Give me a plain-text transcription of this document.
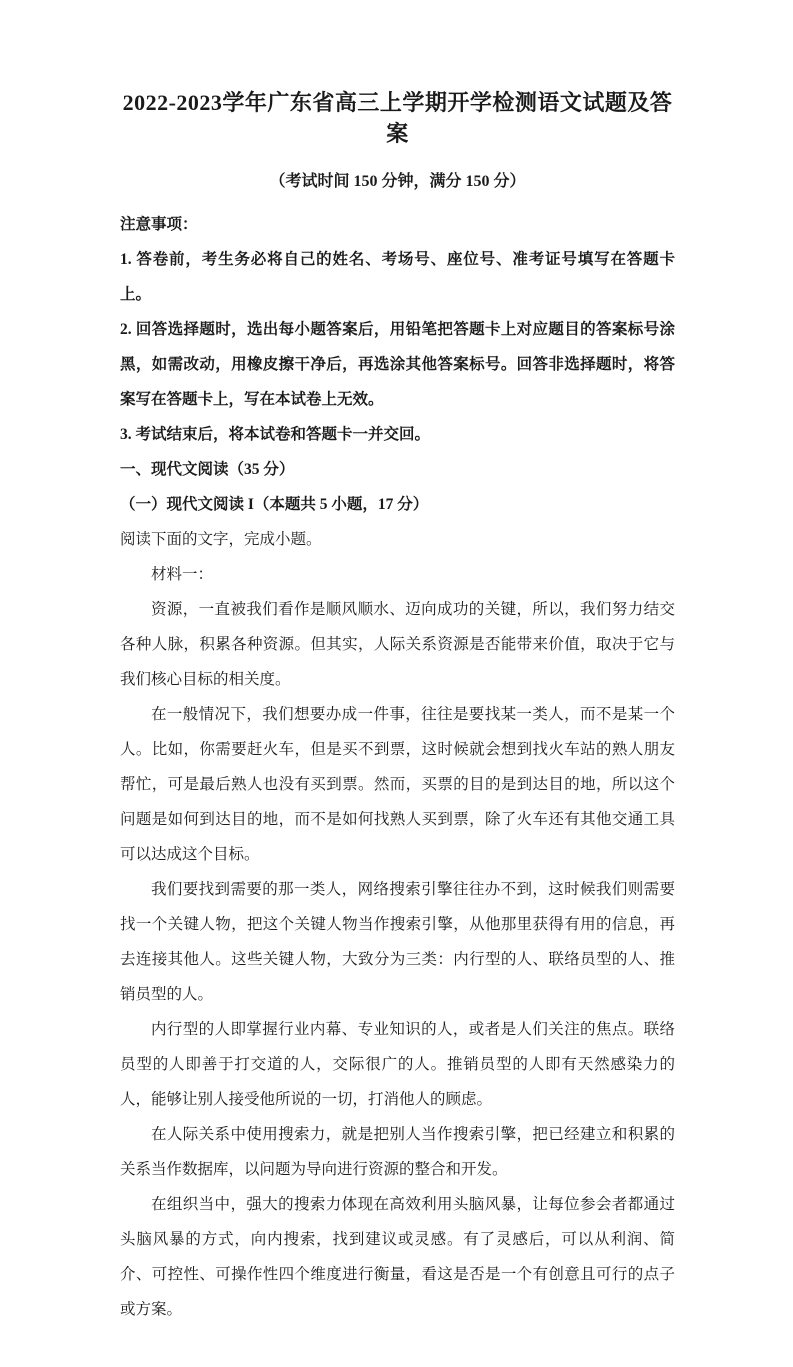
2022-2023学年广东省高三上学期开学检测语文试题及答案
（考试时间 150 分钟，满分 150 分）
注意事项：

1. 答卷前，考生务必将自己的姓名、考场号、座位号、准考证号填写在答题卡上。

2. 回答选择题时，选出每小题答案后，用铅笔把答题卡上对应题目的答案标号涂黑，如需改动，用橡皮擦干净后，再选涂其他答案标号。回答非选择题时，将答案写在答题卡上，写在本试卷上无效。

3. 考试结束后，将本试卷和答题卡一并交回。

一、现代文阅读（35 分）
（一）现代文阅读 I（本题共 5 小题，17 分）

阅读下面的文字，完成小题。

材料一：

资源，一直被我们看作是顺风顺水、迈向成功的关键，所以，我们努力结交各种人脉，积累各种资源。但其实，人际关系资源是否能带来价值，取决于它与我们核心目标的相关度。

在一般情况下，我们想要办成一件事，往往是要找某一类人，而不是某一个人。比如，你需要赶火车，但是买不到票，这时候就会想到找火车站的熟人朋友帮忙，可是最后熟人也没有买到票。然而，买票的目的是到达目的地，所以这个问题是如何到达目的地，而不是如何找熟人买到票，除了火车还有其他交通工具可以达成这个目标。

我们要找到需要的那一类人，网络搜索引擎往往办不到，这时候我们则需要找一个关键人物，把这个关键人物当作搜索引擎，从他那里获得有用的信息，再去连接其他人。这些关键人物，大致分为三类：内行型的人、联络员型的人、推销员型的人。

内行型的人即掌握行业内幕、专业知识的人，或者是人们关注的焦点。联络员型的人即善于打交道的人，交际很广的人。推销员型的人即有天然感染力的人，能够让别人接受他所说的一切，打消他人的顾虑。

在人际关系中使用搜索力，就是把别人当作搜索引擎，把已经建立和积累的关系当作数据库，以问题为导向进行资源的整合和开发。

在组织当中，强大的搜索力体现在高效利用头脑风暴，让每位参会者都通过头脑风暴的方式，向内搜索，找到建议或灵感。有了灵感后，可以从利润、简介、可控性、可操作性四个维度进行衡量，看这是否是一个有创意且可行的点子或方案。
